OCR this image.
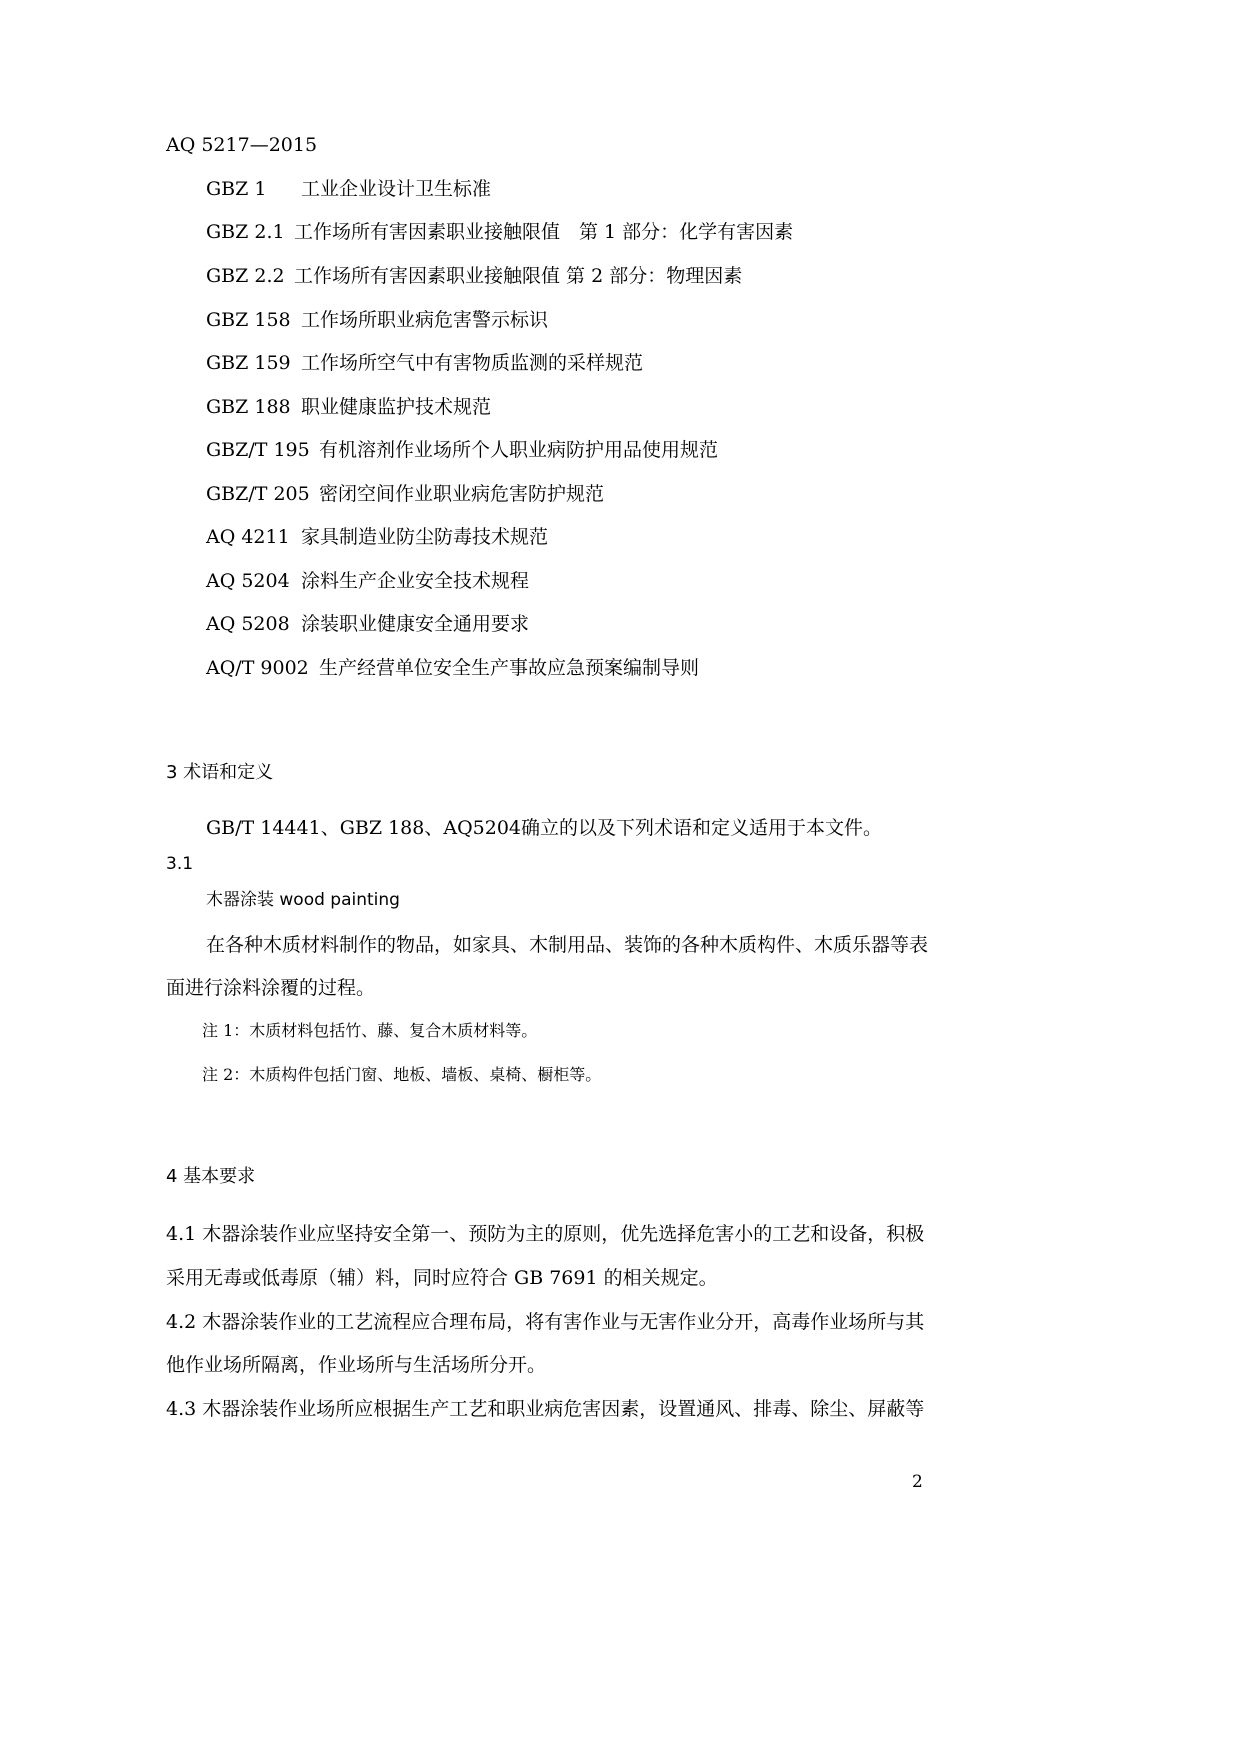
AQ 5217—2015
GBZ 1 工业企业设计卫生标准
GBZ 2.1 工作场所有害因素职业接触限值　第 1 部分：化学有害因素
GBZ 2.2 工作场所有害因素职业接触限值 第 2 部分：物理因素
GBZ 158 工作场所职业病危害警示标识
GBZ 159 工作场所空气中有害物质监测的采样规范
GBZ 188 职业健康监护技术规范
GBZ/T 195 有机溶剂作业场所个人职业病防护用品使用规范
GBZ/T 205 密闭空间作业职业病危害防护规范
AQ 4211 家具制造业防尘防毒技术规范
AQ 5204 涂料生产企业安全技术规程
AQ 5208 涂装职业健康安全通用要求
AQ/T 9002 生产经营单位安全生产事故应急预案编制导则
3 术语和定义
GB/T 14441、GBZ 188、AQ5204确立的以及下列术语和定义适用于本文件。
3.1
木器涂装 wood painting
在各种木质材料制作的物品，如家具、木制用品、装饰的各种木质构件、木质乐器等表
面进行涂料涂覆的过程。
注 1：木质材料包括竹、藤、复合木质材料等。
注 2：木质构件包括门窗、地板、墙板、桌椅、橱柜等。
4 基本要求
4.1 木器涂装作业应坚持安全第一、预防为主的原则，优先选择危害小的工艺和设备，积极
采用无毒或低毒原（辅）料，同时应符合 GB 7691 的相关规定。
4.2 木器涂装作业的工艺流程应合理布局，将有害作业与无害作业分开，高毒作业场所与其
他作业场所隔离，作业场所与生活场所分开。
4.3 木器涂装作业场所应根据生产工艺和职业病危害因素，设置通风、排毒、除尘、屏蔽等
2
